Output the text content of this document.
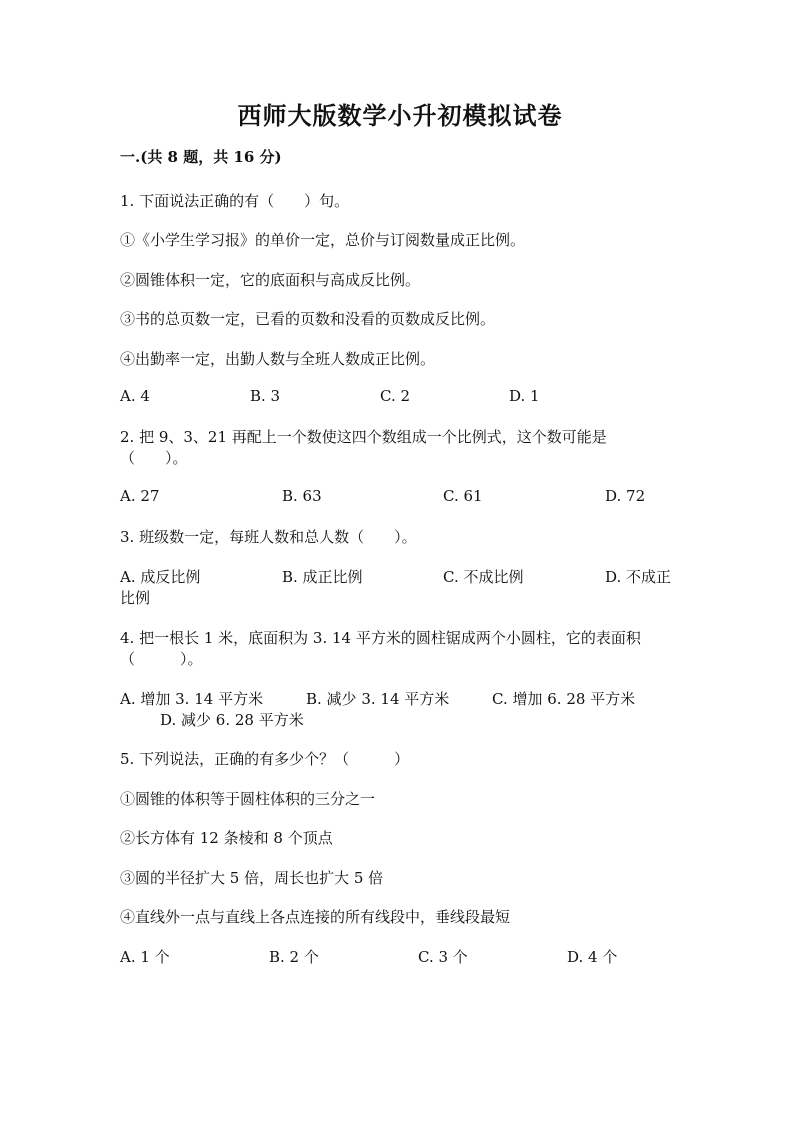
西师大版数学小升初模拟试卷
一.(共 8 题，共 16 分)
1. 下面说法正确的有（　　）句。
①《小学生学习报》的单价一定，总价与订阅数量成正比例。
②圆锥体积一定，它的底面积与高成反比例。
③书的总页数一定，已看的页数和没看的页数成反比例。
④出勤率一定，出勤人数与全班人数成正比例。
A. 4	B. 3	C. 2	D. 1
2. 把 9、3、21 再配上一个数使这四个数组成一个比例式，这个数可能是
（　　）。
A. 27	B. 63	C. 61	D. 72
3. 班级数一定，每班人数和总人数（　　）。
A. 成反比例	B. 成正比例	C. 不成比例	D. 不成正
比例
4. 把一根长 1 米，底面积为 3. 14 平方米的圆柱锯成两个小圆柱，它的表面积
（　　　）。
A. 增加 3. 14 平方米	B. 减少 3. 14 平方米	C. 增加 6. 28 平方米
D. 减少 6. 28 平方米
5. 下列说法，正确的有多少个？（　　　）
①圆锥的体积等于圆柱体积的三分之一
②长方体有 12 条棱和 8 个顶点
③圆的半径扩大 5 倍，周长也扩大 5 倍
④直线外一点与直线上各点连接的所有线段中，垂线段最短
A. 1 个	B. 2 个	C. 3 个	D. 4 个
